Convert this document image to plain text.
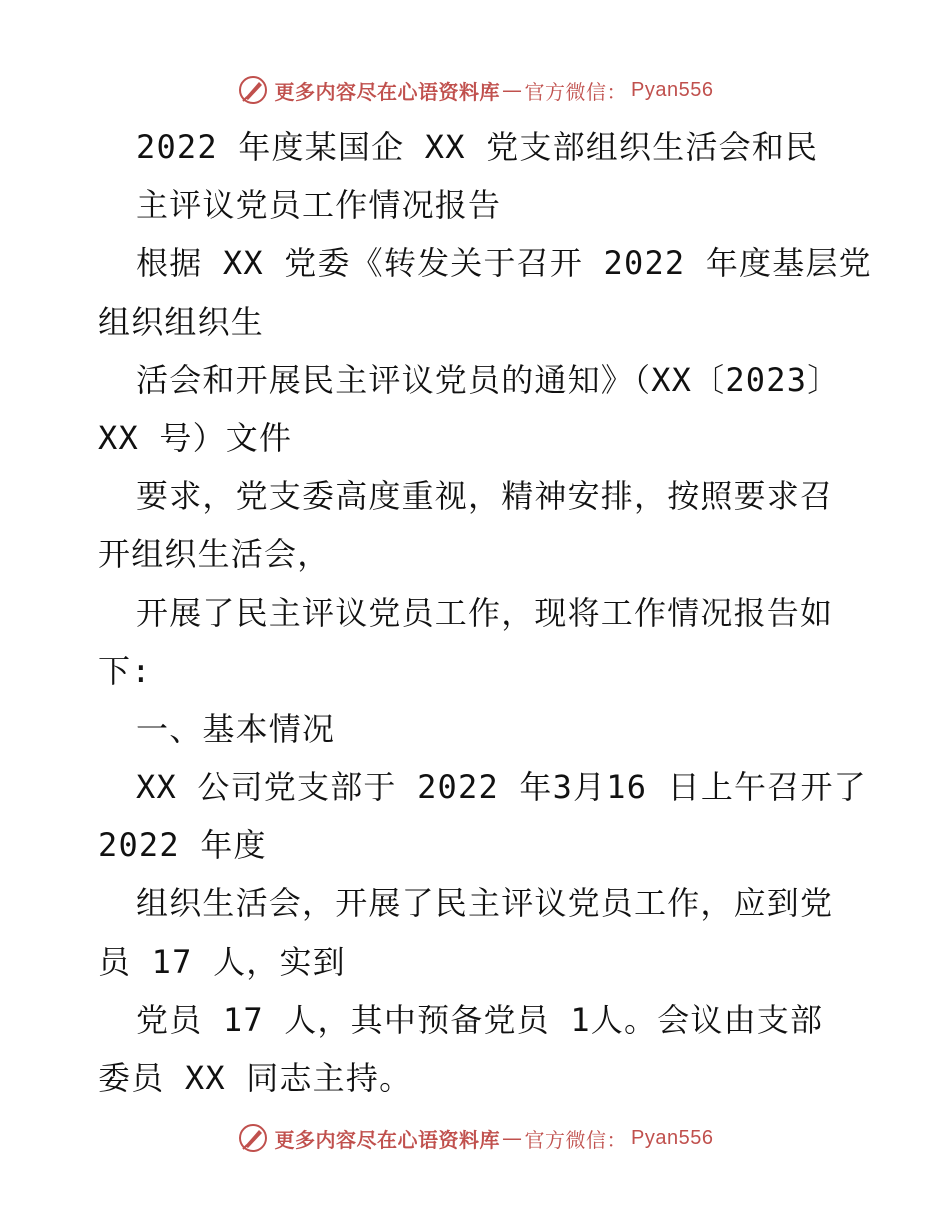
更多内容尽在心语资料库 — 官方微信： Pyan556
2022 年度某国企 XX 党支部组织生活会和民
主评议党员工作情况报告
根据 XX 党委《转发关于召开 2022 年度基层党
组织组织生
活会和开展民主评议党员的通知》（XX〔2023〕
XX 号）文件
要求，党支委高度重视，精神安排，按照要求召
开组织生活会，
开展了民主评议党员工作，现将工作情况报告如
下:
一、基本情况
XX 公司党支部于 2022 年3月16 日上午召开了
2022 年度
组织生活会，开展了民主评议党员工作，应到党
员 17 人，实到
党员 17 人，其中预备党员 1人。会议由支部
委员 XX 同志主持。
更多内容尽在心语资料库 — 官方微信： Pyan556
